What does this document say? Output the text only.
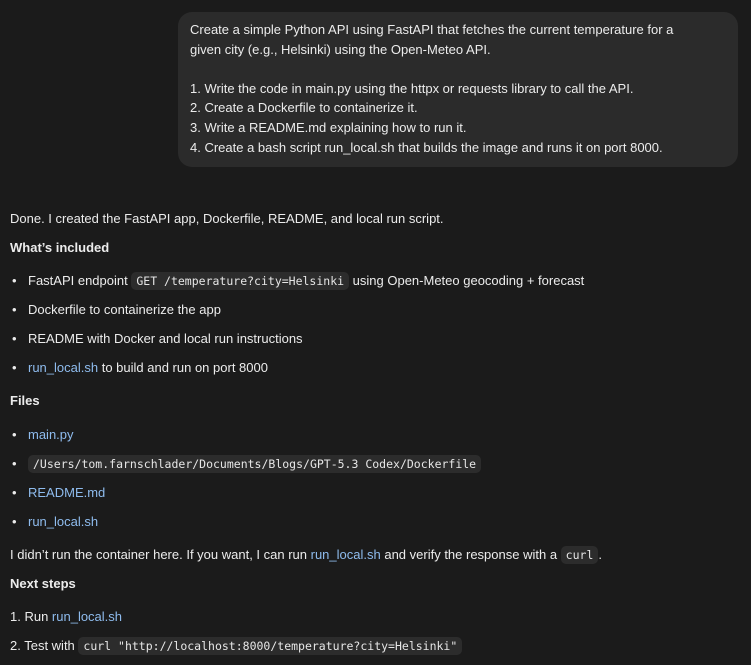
Create a simple Python API using FastAPI that fetches the current temperature for a

given city (e.g., Helsinki) using the Open-Meteo API.

1. Write the code in main.py using the httpx or requests library to call the API.

2. Create a Dockerfile to containerize it.

3. Write a README.md explaining how to run it.

4. Create a bash script run_local.sh that builds the image and runs it on port 8000.

Done. I created the FastAPI app, Dockerfile, README, and local run script.
What’s included
• FastAPI endpoint GET /temperature?city=Helsinki using Open-Meteo geocoding + forecast
• Dockerfile to containerize the app
• README with Docker and local run instructions
• run_local.sh to build and run on port 8000
Files
• main.py
• /Users/tom.farnschlader/Documents/Blogs/GPT-5.3 Codex/Dockerfile
• README.md
• run_local.sh
I didn’t run the container here. If you want, I can run run_local.sh and verify the response with a curl .
Next steps
1. Run run_local.sh
2. Test with curl "http://localhost:8000/temperature?city=Helsinki"
